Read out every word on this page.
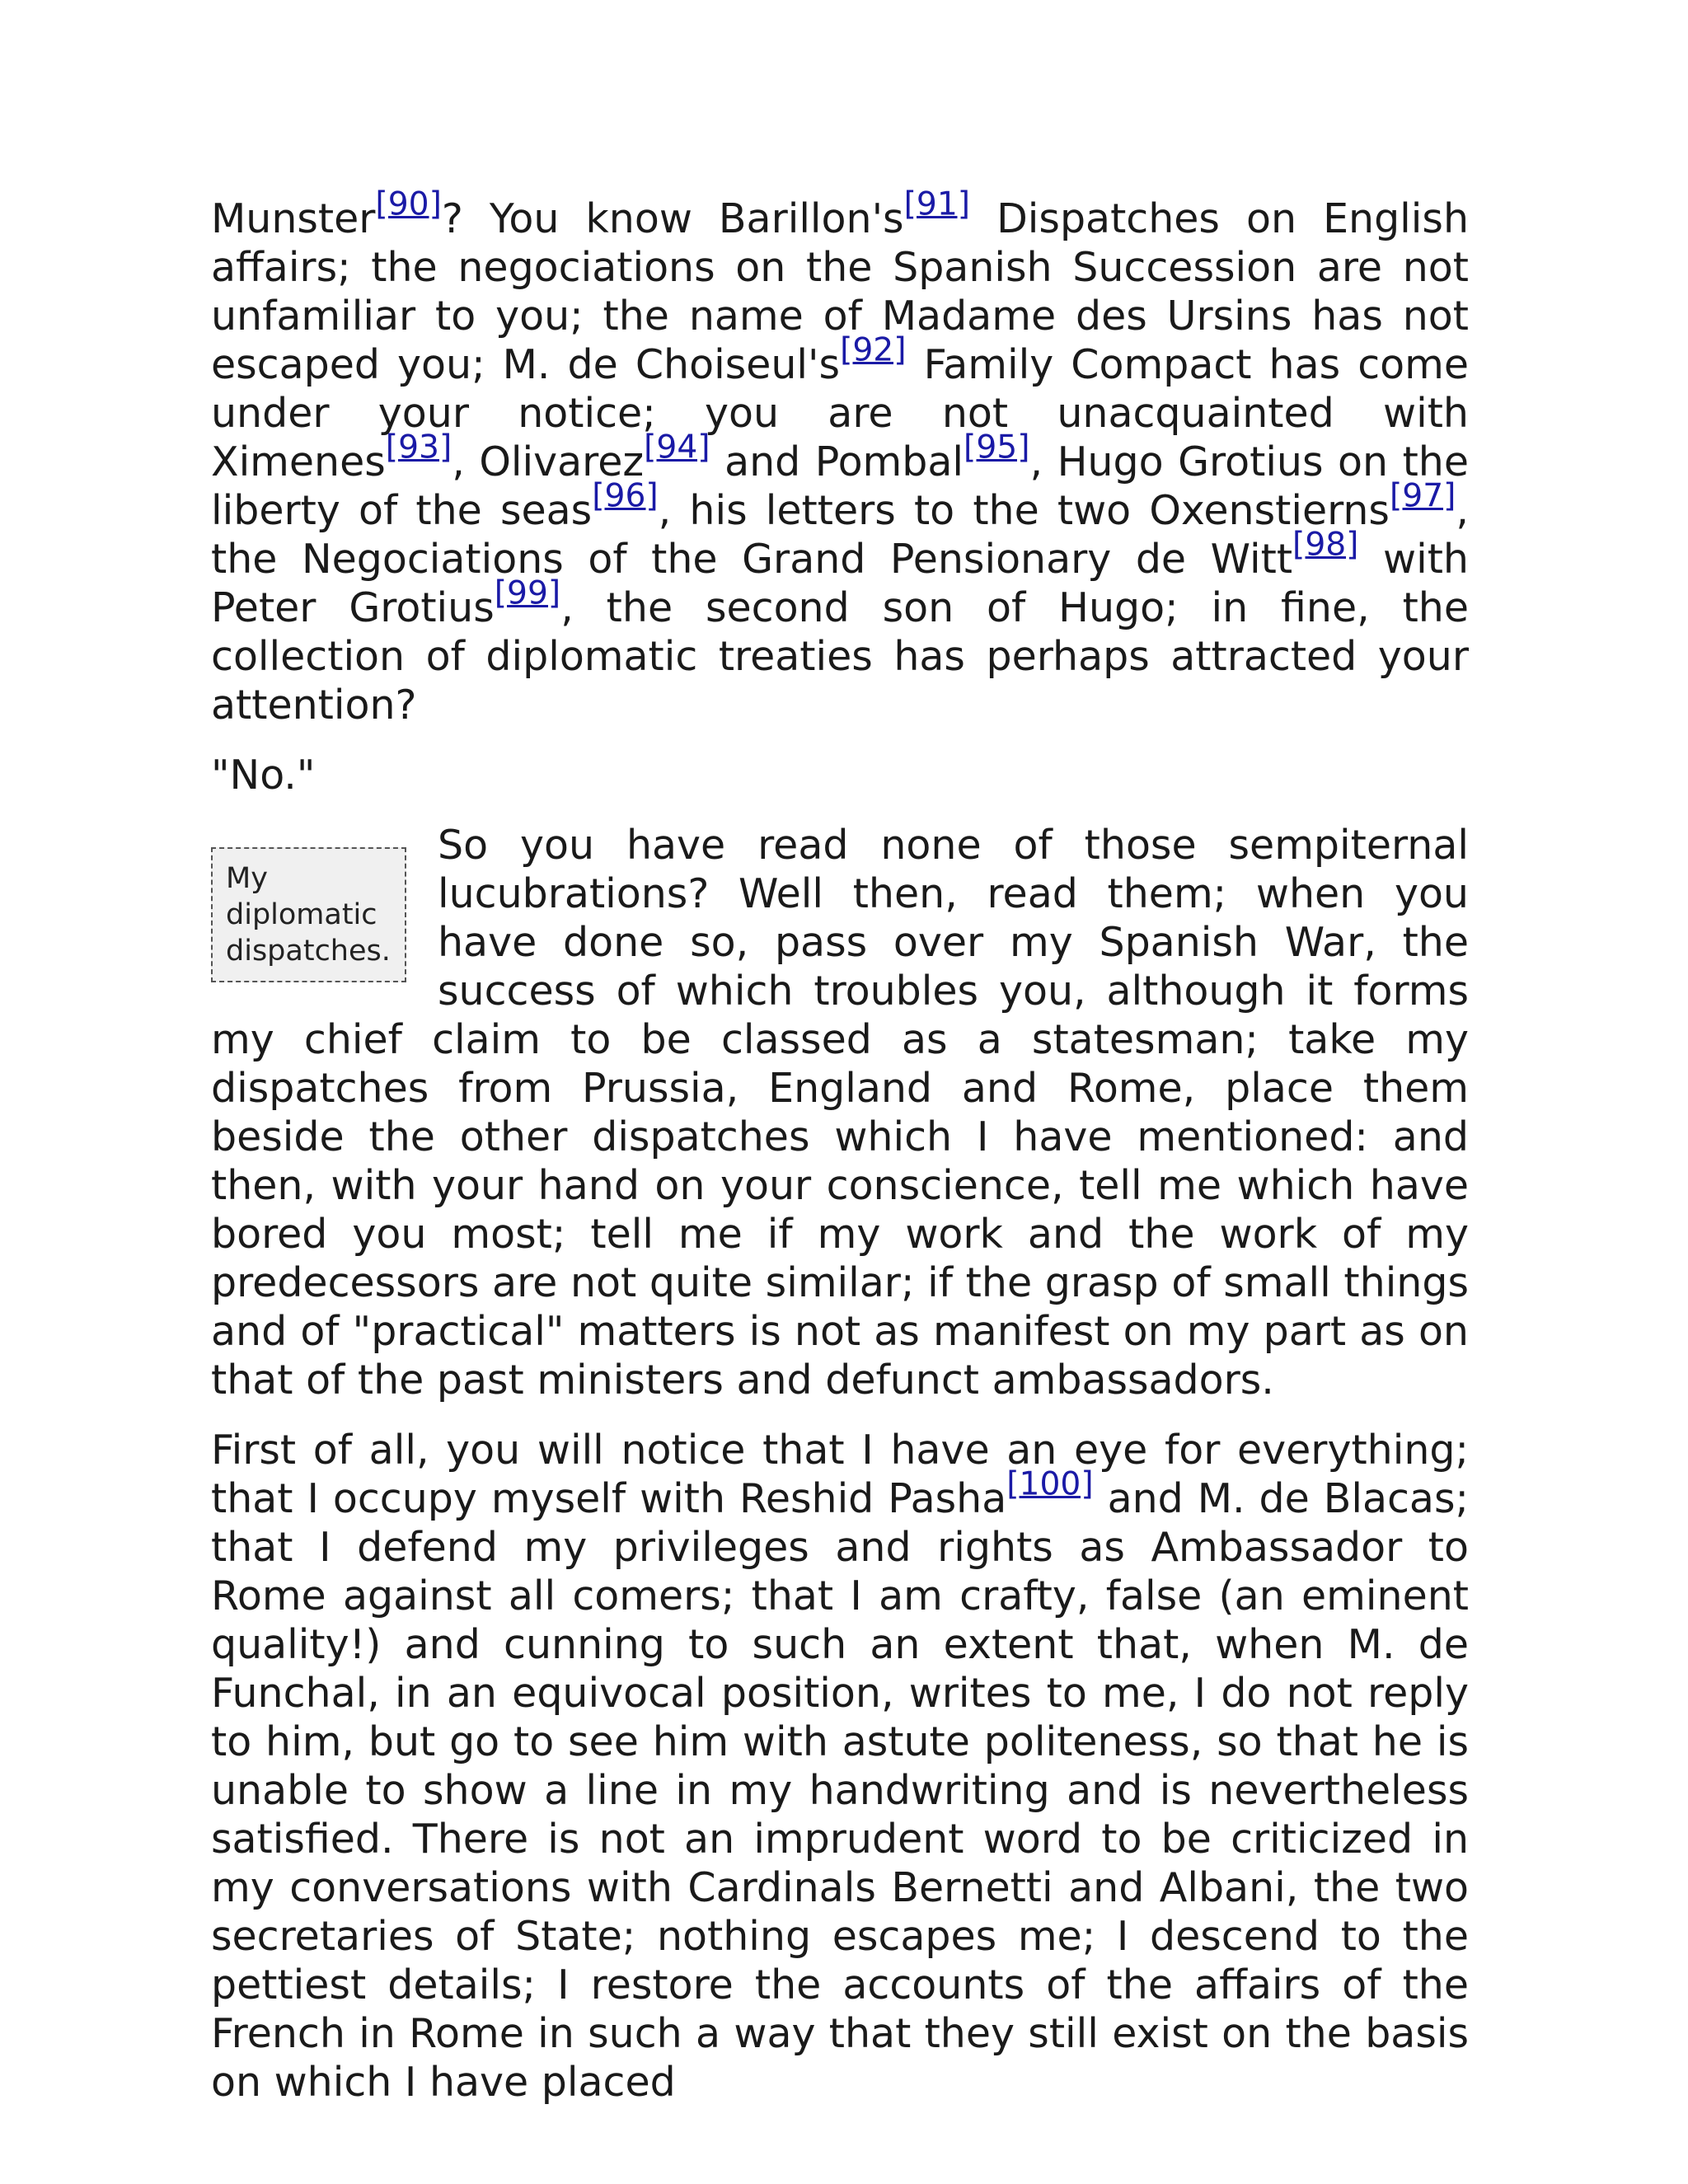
Munster[90]? You know Barillon's[91] Dispatches on English affairs; the negociations on the Spanish Succession are not unfamiliar to you; the name of Madame des Ursins has not escaped you; M. de Choiseul's[92] Family Compact has come under your notice; you are not unacquainted with Ximenes[93], Olivarez[94] and Pombal[95], Hugo Grotius on the liberty of the seas[96], his letters to the two Oxenstierns[97], the Negociations of the Grand Pensionary de Witt[98] with Peter Grotius[99], the second son of Hugo; in fine, the collection of diplomatic treaties has perhaps attracted your attention?

"No."

My diplomatic dispatches.
So you have read none of those sempiternal lucubrations? Well then, read them; when you have done so, pass over my Spanish War, the success of which troubles you, although it forms my chief claim to be classed as a statesman; take my dispatches from Prussia, England and Rome, place them beside the other dispatches which I have mentioned: and then, with your hand on your conscience, tell me which have bored you most; tell me if my work and the work of my predecessors are not quite similar; if the grasp of small things and of "practical" matters is not as manifest on my part as on that of the past ministers and defunct ambassadors.

First of all, you will notice that I have an eye for everything; that I occupy myself with Reshid Pasha[100] and M. de Blacas; that I defend my privileges and rights as Ambassador to Rome against all comers; that I am crafty, false (an eminent quality!) and cunning to such an extent that, when M. de Funchal, in an equivocal position, writes to me, I do not reply to him, but go to see him with astute politeness, so that he is unable to show a line in my handwriting and is nevertheless satisfied. There is not an imprudent word to be criticized in my conversations with Cardinals Bernetti and Albani, the two secretaries of State; nothing escapes me; I descend to the pettiest details; I restore the accounts of the affairs of the French in Rome in such a way that they still exist on the basis on which I have placed
